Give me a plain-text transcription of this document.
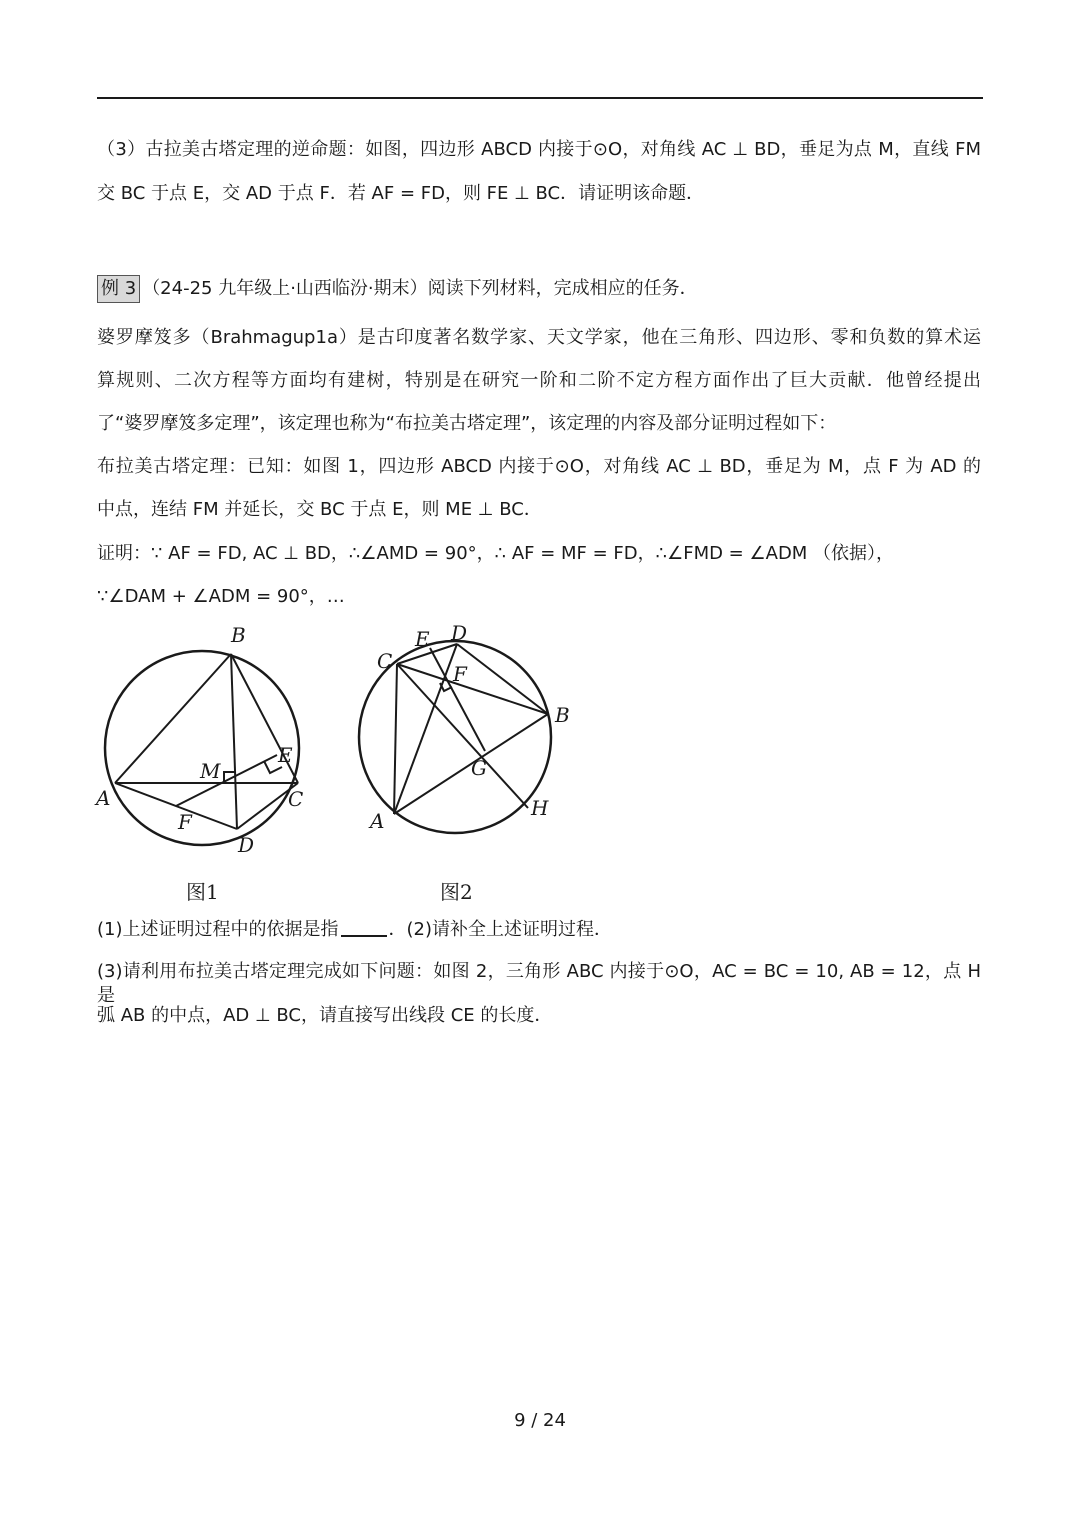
（3）古拉美古塔定理的逆命题：如图，四边形 ABCD 内接于⊙O，对角线 AC ⊥ BD，垂足为点 M，直线 FM
交 BC 于点 E，交 AD 于点 F．若 AF = FD，则 FE ⊥ BC．请证明该命题．
例 3 （24-25 九年级上·山西临汾·期末）阅读下列材料，完成相应的任务．
婆罗摩笈多（Brahmagup1a）是古印度著名数学家、天文学家，他在三角形、四边形、零和负数的算术运
算规则、二次方程等方面均有建树，特别是在研究一阶和二阶不定方程方面作出了巨大贡献．他曾经提出
了“婆罗摩笈多定理”，该定理也称为“布拉美古塔定理”，该定理的内容及部分证明过程如下：
布拉美古塔定理：已知：如图 1，四边形 ABCD 内接于⊙O，对角线 AC ⊥ BD，垂足为 M，点 F 为 AD 的
中点，连结 FM 并延长，交 BC 于点 E，则 ME ⊥ BC．
证明：∵ AF = FD, AC ⊥ BD，∴∠AMD = 90°，∴ AF = MF = FD，∴∠FMD = ∠ADM （依据），
∵∠DAM + ∠ADM = 90°，…
B
A	C
D
E
F
M
E D
C
F
B
G
A
H
图1	图2
(1)上述证明过程中的依据是指	．(2)请补全上述证明过程．
(3)请利用布拉美古塔定理完成如下问题：如图 2，三角形 ABC 内接于⊙O，AC = BC = 10, AB = 12，点 H 是
弧 AB 的中点，AD ⊥ BC，请直接写出线段 CE 的长度．
9 / 24
